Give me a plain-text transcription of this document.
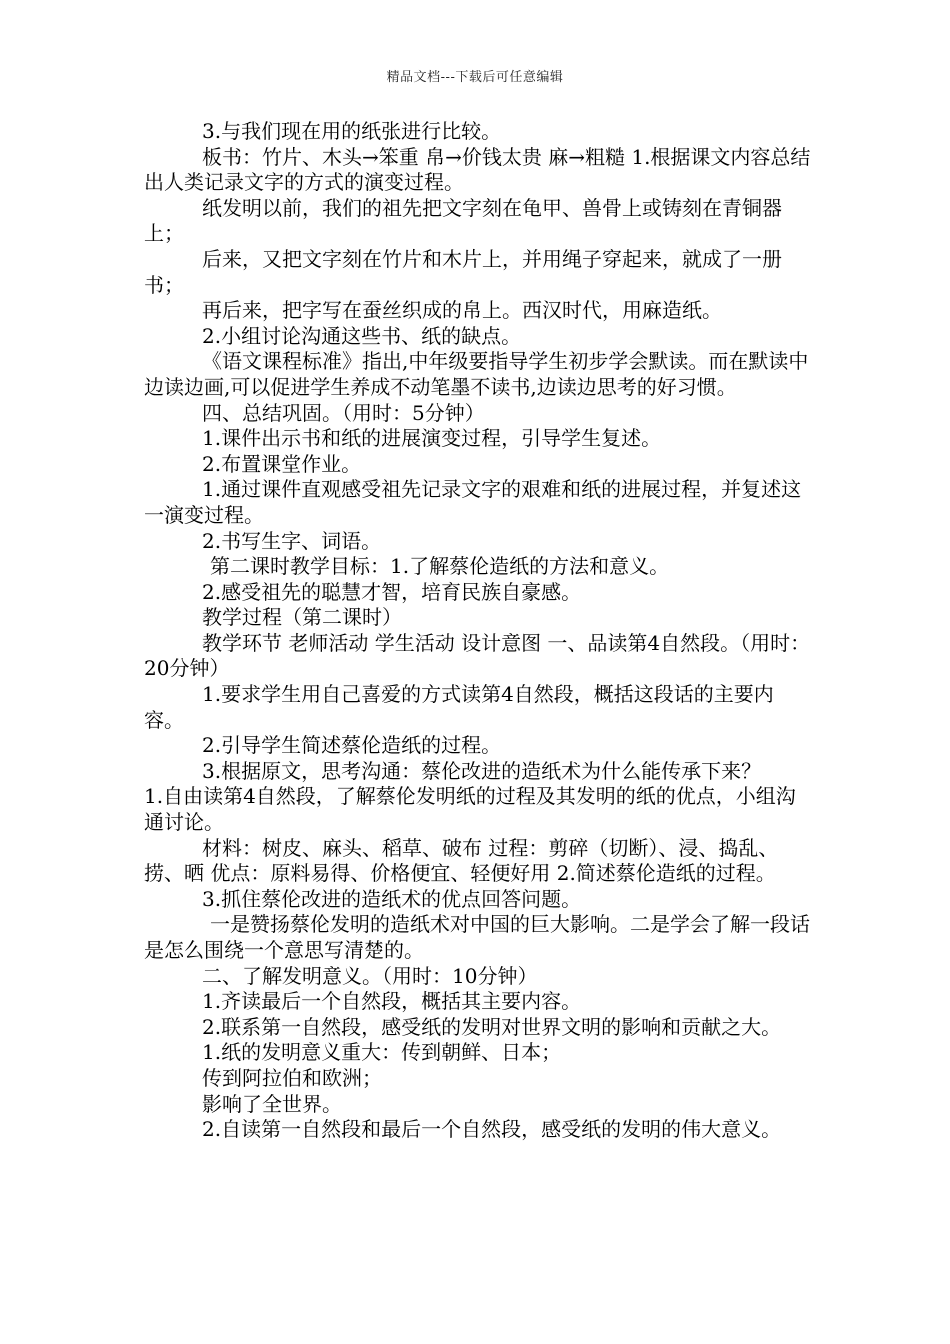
精品文档---下载后可任意编辑

3.与我们现在用的纸张进行比较。

板书：竹片、木头→笨重 帛→价钱太贵 麻→粗糙 1.根据课文内容总结出人类记录文字的方式的演变过程。

纸发明以前，我们的祖先把文字刻在龟甲、兽骨上或铸刻在青铜器上；

后来，又把文字刻在竹片和木片上，并用绳子穿起来，就成了一册书；

再后来，把字写在蚕丝织成的帛上。西汉时代，用麻造纸。

2.小组讨论沟通这些书、纸的缺点。

《语文课程标准》指出,中年级要指导学生初步学会默读。而在默读中边读边画,可以促进学生养成不动笔墨不读书,边读边思考的好习惯。

四、总结巩固。（用时：5分钟）

1.课件出示书和纸的进展演变过程，引导学生复述。

2.布置课堂作业。

1.通过课件直观感受祖先记录文字的艰难和纸的进展过程，并复述这一演变过程。

2.书写生字、词语。

第二课时教学目标：1.了解蔡伦造纸的方法和意义。

2.感受祖先的聪慧才智，培育民族自豪感。

教学过程（第二课时）

教学环节 老师活动 学生活动 设计意图 一、品读第4自然段。（用时：20分钟）

1.要求学生用自己喜爱的方式读第4自然段，概括这段话的主要内容。

2.引导学生简述蔡伦造纸的过程。

3.根据原文，思考沟通：蔡伦改进的造纸术为什么能传承下来？

1.自由读第4自然段，了解蔡伦发明纸的过程及其发明的纸的优点，小组沟通讨论。

材料：树皮、麻头、稻草、破布 过程：剪碎（切断）、浸、捣乱、捞、晒 优点：原料易得、价格便宜、轻便好用 2.简述蔡伦造纸的过程。

3.抓住蔡伦改进的造纸术的优点回答问题。

一是赞扬蔡伦发明的造纸术对中国的巨大影响。二是学会了解一段话是怎么围绕一个意思写清楚的。

二、了解发明意义。（用时：10分钟）

1.齐读最后一个自然段，概括其主要内容。

2.联系第一自然段，感受纸的发明对世界文明的影响和贡献之大。

1.纸的发明意义重大：传到朝鲜、日本；

传到阿拉伯和欧洲；

影响了全世界。

2.自读第一自然段和最后一个自然段，感受纸的发明的伟大意义。
